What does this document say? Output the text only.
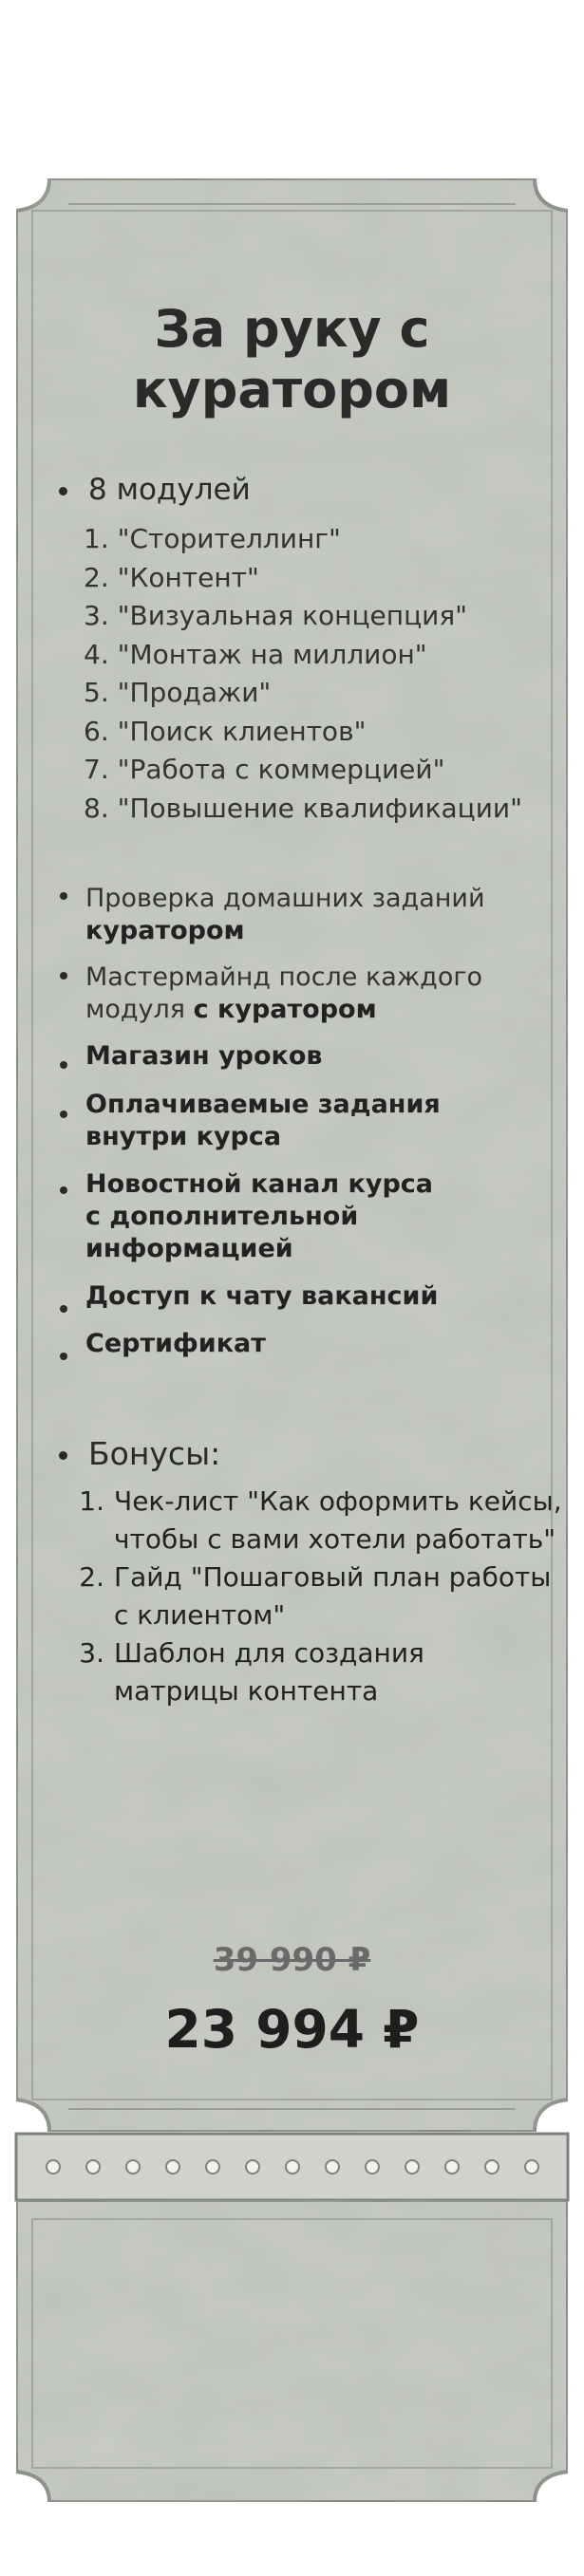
За руку с
куратором
8 модулей
1. "Сторителлинг"
2. "Контент"
3. "Визуальная концепция"
4. "Монтаж на миллион"
5. "Продажи"
6. "Поиск клиентов"
7. "Работа с коммерцией"
8. "Повышение квалификации"
Проверка домашних заданий
куратором
Мастермайнд после каждого
модуля с куратором
Магазин уроков
Оплачиваемые задания
внутри курса
Новостной канал курса
с дополнительной
информацией
Доступ к чату вакансий
Сертификат
Бонусы:
1. Чек-лист "Как оформить кейсы,
чтобы с вами хотели работать"
2. Гайд "Пошаговый план работы
с клиентом"
3. Шаблон для создания
матрицы контента
39 990 ₽
23 994 ₽
